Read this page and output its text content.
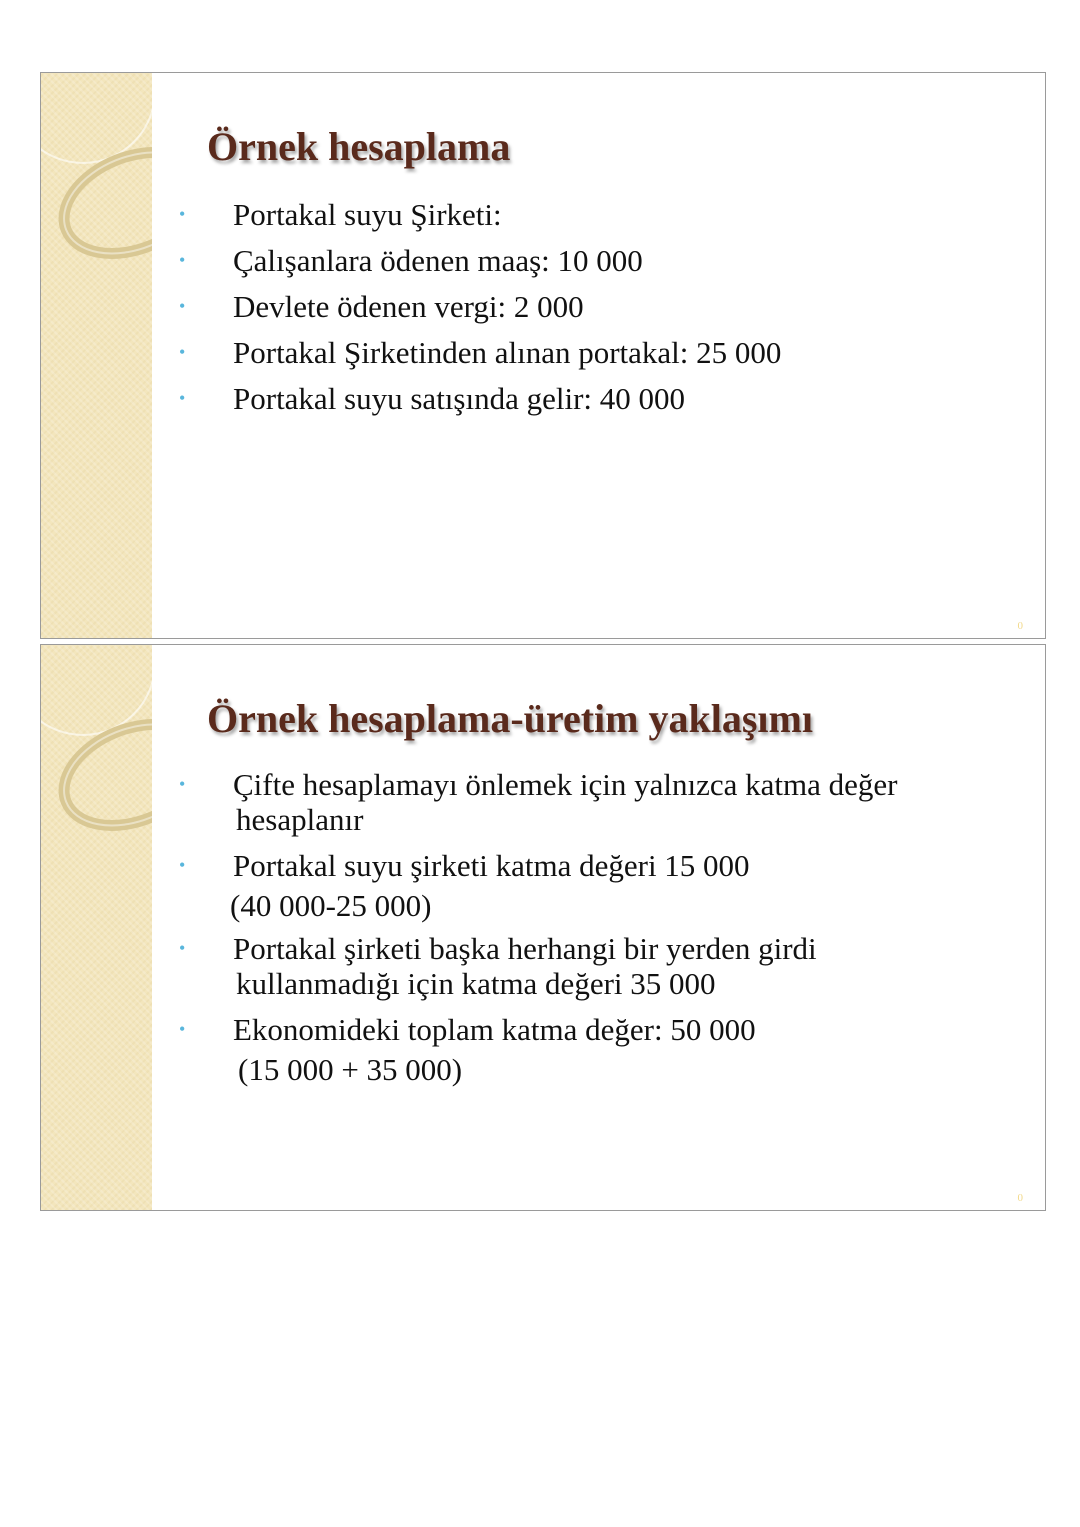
Örnek hesaplama
• Portakal suyu Şirketi:
• Çalışanlara ödenen maaş: 10 000
• Devlete ödenen vergi: 2 000
• Portakal Şirketinden alınan portakal: 25 000
• Portakal suyu satışında gelir: 40 000
0
Örnek hesaplama-üretim yaklaşımı
• Çifte hesaplamayı önlemek için yalnızca katma değer
hesaplanır
• Portakal suyu şirketi katma değeri 15 000
(40 000-25 000)
• Portakal şirketi başka herhangi bir yerden girdi
kullanmadığı için katma değeri 35 000
• Ekonomideki toplam katma değer: 50 000
(15 000 + 35 000)
0
